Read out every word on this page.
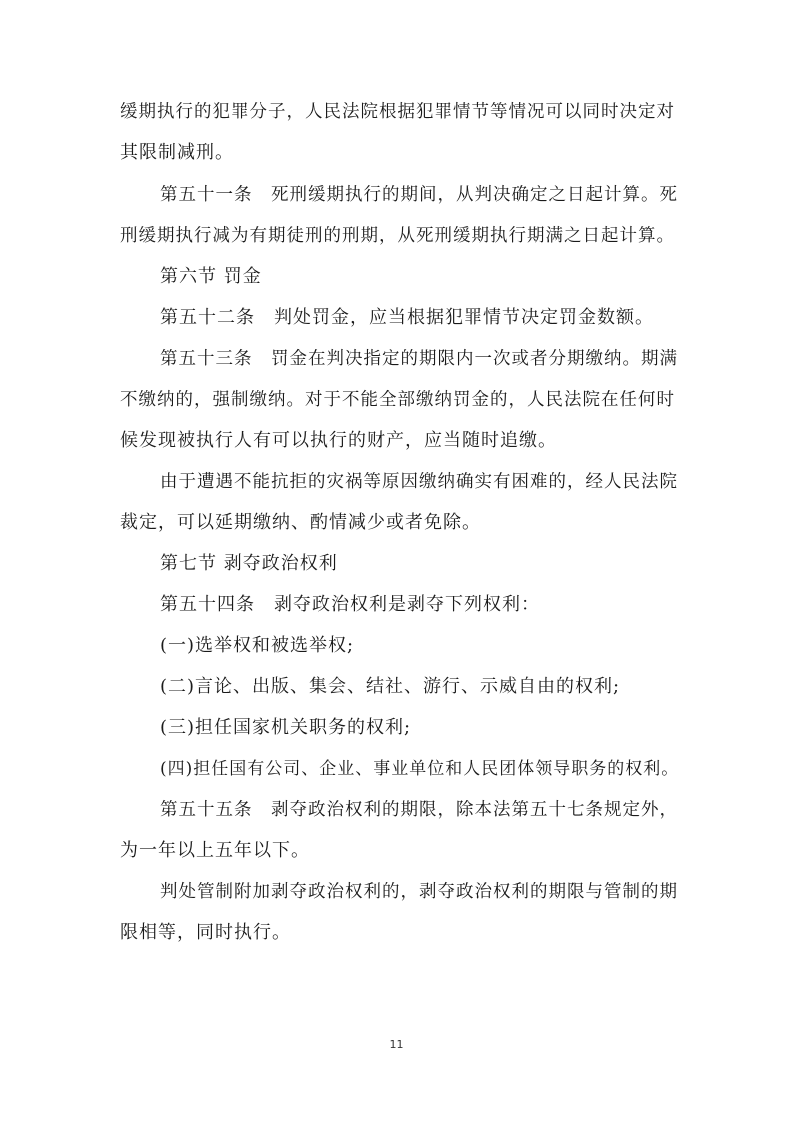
缓期执行的犯罪分子，人民法院根据犯罪情节等情况可以同时决定对
其限制减刑。
第五十一条　死刑缓期执行的期间，从判决确定之日起计算。死
刑缓期执行减为有期徒刑的刑期，从死刑缓期执行期满之日起计算。
第六节 罚金
第五十二条　判处罚金，应当根据犯罪情节决定罚金数额。
第五十三条　罚金在判决指定的期限内一次或者分期缴纳。期满
不缴纳的，强制缴纳。对于不能全部缴纳罚金的，人民法院在任何时
候发现被执行人有可以执行的财产，应当随时追缴。
由于遭遇不能抗拒的灾祸等原因缴纳确实有困难的，经人民法院
裁定，可以延期缴纳、酌情减少或者免除。
第七节 剥夺政治权利
第五十四条　剥夺政治权利是剥夺下列权利：
(一)选举权和被选举权;
(二)言论、出版、集会、结社、游行、示威自由的权利;
(三)担任国家机关职务的权利;
(四)担任国有公司、企业、事业单位和人民团体领导职务的权利。
第五十五条　剥夺政治权利的期限，除本法第五十七条规定外，
为一年以上五年以下。
判处管制附加剥夺政治权利的，剥夺政治权利的期限与管制的期
限相等，同时执行。
11
